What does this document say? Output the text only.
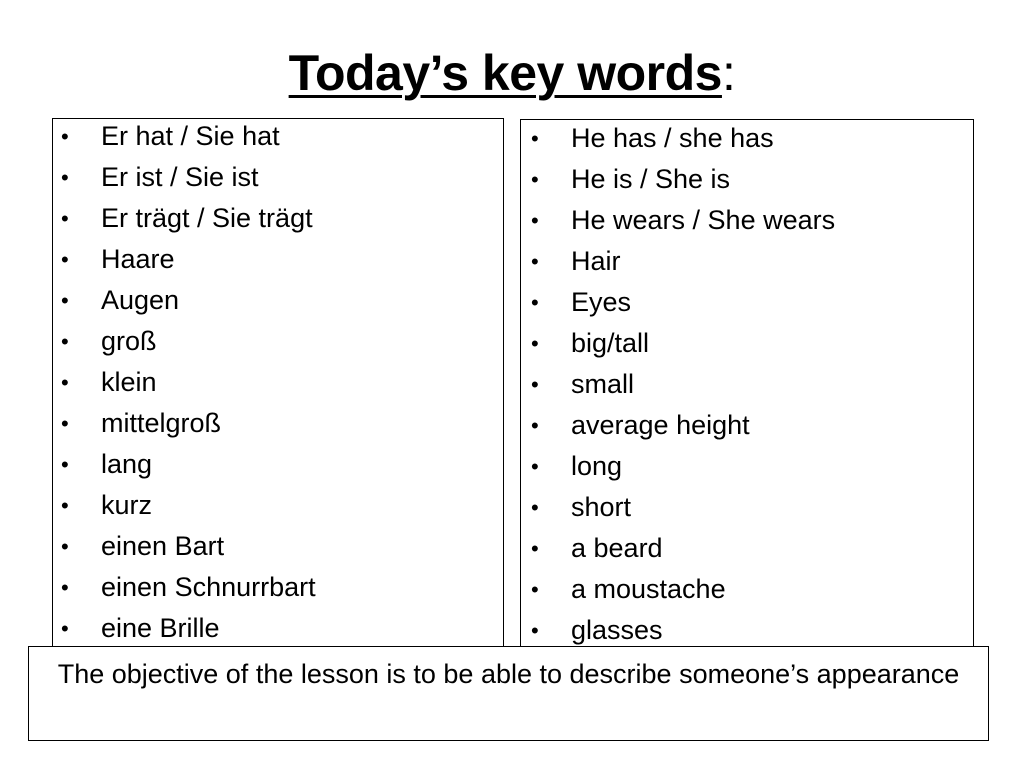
Today’s key words:
• Er hat / Sie hat
• Er ist / Sie ist
• Er trägt / Sie trägt
• Haare
• Augen
• groß
• klein
• mittelgroß
• lang
• kurz
• einen Bart
• einen Schnurrbart
• eine Brille
• He has / she has
• He is / She is
• He wears / She wears
• Hair
• Eyes
• big/tall
• small
• average height
• long
• short
• a beard
• a moustache
• glasses
The objective of the lesson is to be able to describe someone’s appearance
